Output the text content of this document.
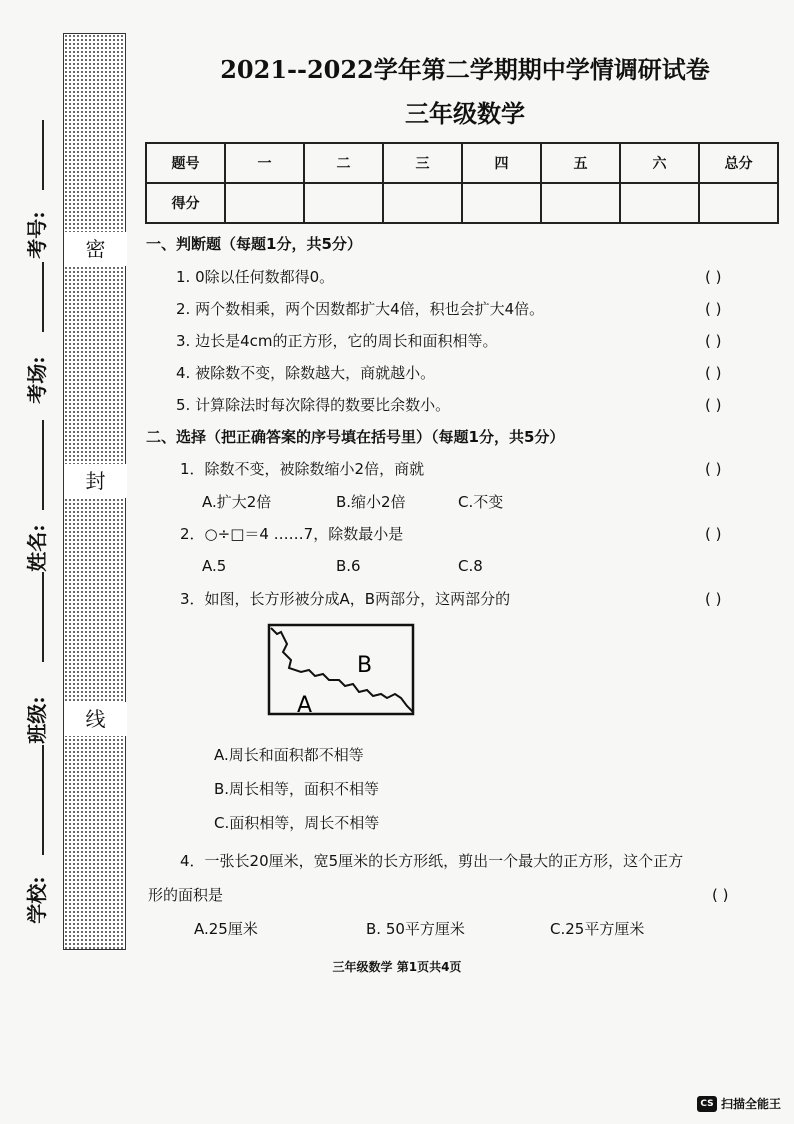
考号:
考场:
姓名:
班级:
学校:
密
封
线
2021--2022学年第二学期期中学情调研试卷
三年级数学
题号	一	二	三	四	五	六	总分
得分							
一、判断题（每题1分，共5分）
1. 0除以任何数都得0。	( )
2. 两个数相乘，两个因数都扩大4倍，积也会扩大4倍。	( )
3. 边长是4cm的正方形，它的周长和面积相等。	( )
4. 被除数不变，除数越大，商就越小。	( )
5. 计算除法时每次除得的数要比余数小。	( )
二、选择（把正确答案的序号填在括号里）（每题1分，共5分）
1．除数不变，被除数缩小2倍，商就	( )
A.扩大2倍	B.缩小2倍	C.不变
2．○÷□＝4 ……7，除数最小是	( )
A.5	B.6	C.8
3．如图，长方形被分成A，B两部分，这两部分的	( )
B
A
A.周长和面积都不相等
B.周长相等，面积不相等
C.面积相等，周长不相等
4．一张长20厘米，宽5厘米的长方形纸，剪出一个最大的正方形，这个正方
形的面积是	( )
A.25厘米	B. 50平方厘米	C.25平方厘米
三年级数学 第1页共4页
CS 扫描全能王
